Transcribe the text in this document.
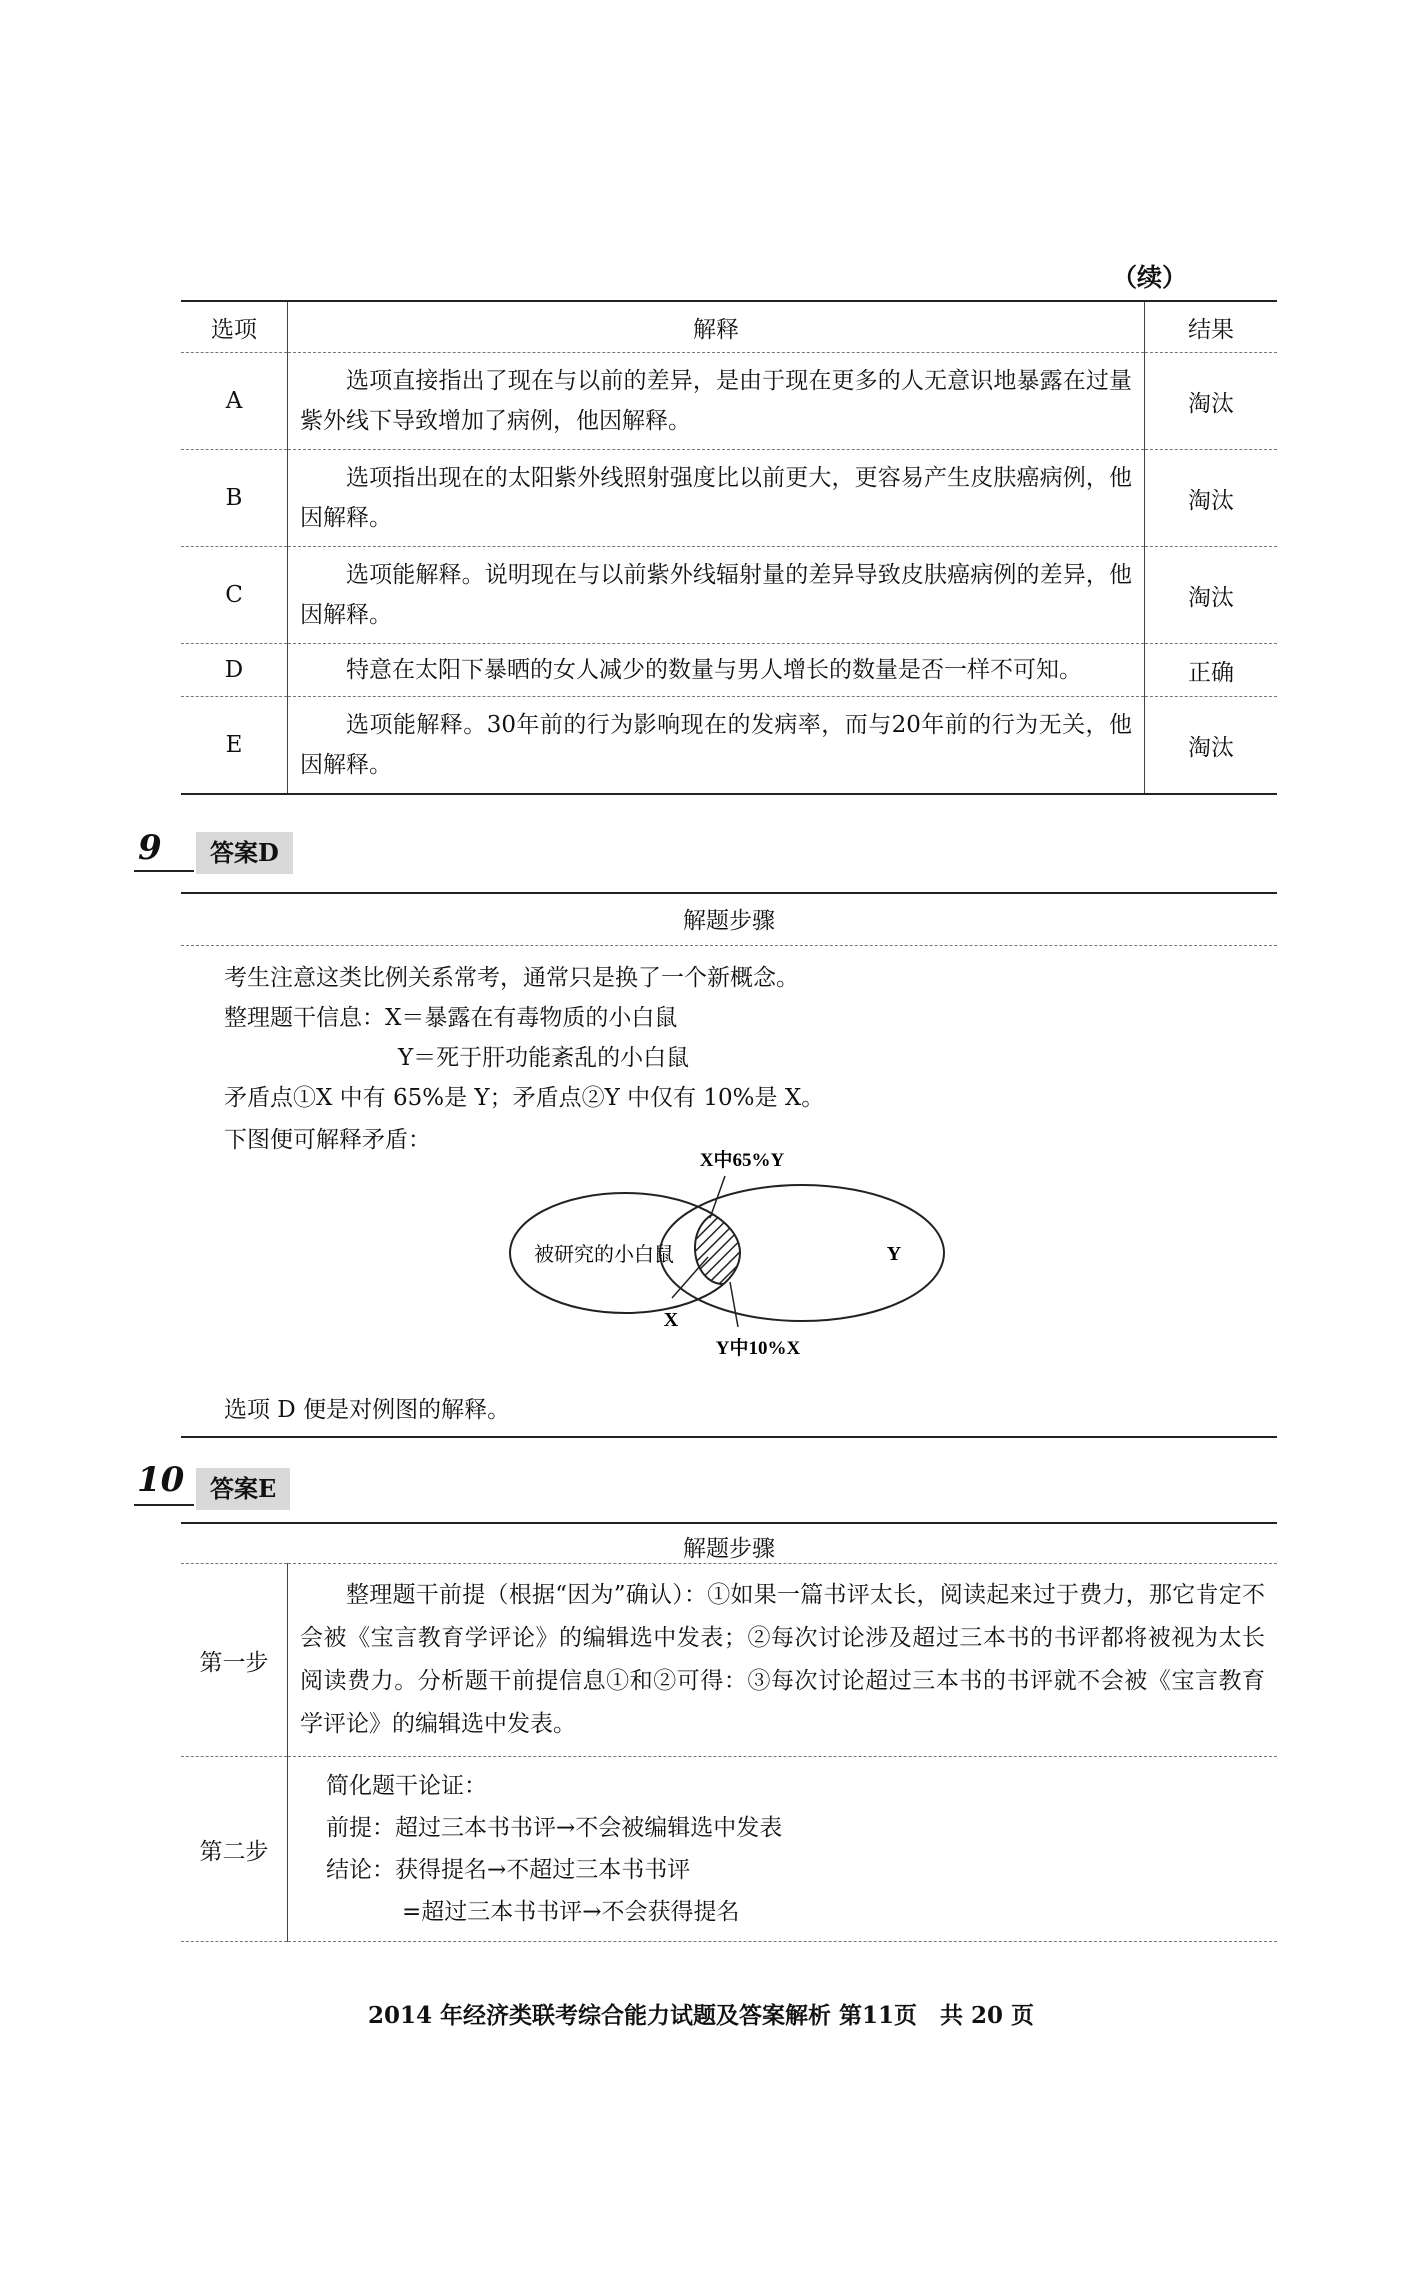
（续）
选项	解释	结果
A	选项直接指出了现在与以前的差异，是由于现在更多的人无意识地暴露在过量紫外线下导致增加了病例，他因解释。	淘汰
B	选项指出现在的太阳紫外线照射强度比以前更大，更容易产生皮肤癌病例，他因解释。	淘汰
C	选项能解释。说明现在与以前紫外线辐射量的差异导致皮肤癌病例的差异，他因解释。	淘汰
D	特意在太阳下暴晒的女人减少的数量与男人增长的数量是否一样不可知。	正确
E	选项能解释。30年前的行为影响现在的发病率，而与20年前的行为无关，他因解释。	淘汰
9	答案D
解题步骤
考生注意这类比例关系常考，通常只是换了一个新概念。
整理题干信息：X＝暴露在有毒物质的小白鼠
Y＝死于肝功能紊乱的小白鼠
矛盾点①X 中有 65%是 Y；矛盾点②Y 中仅有 10%是 X。
下图便可解释矛盾：
X中65%Y
被研究的小白鼠	Y
X
Y中10%X
选项 D 便是对例图的解释。
10	答案E
解题步骤
第一步	整理题干前提（根据“因为”确认）：①如果一篇书评太长，阅读起来过于费力，那它肯定不会被《宝言教育学评论》的编辑选中发表；②每次讨论涉及超过三本书的书评都将被视为太长阅读费力。分析题干前提信息①和②可得：③每次讨论超过三本书的书评就不会被《宝言教育学评论》的编辑选中发表。
第二步	简化题干论证：
前提：超过三本书书评→不会被编辑选中发表
结论：获得提名→不超过三本书书评
=超过三本书书评→不会获得提名
2014 年经济类联考综合能力试题及答案解析 第11页　共 20 页
